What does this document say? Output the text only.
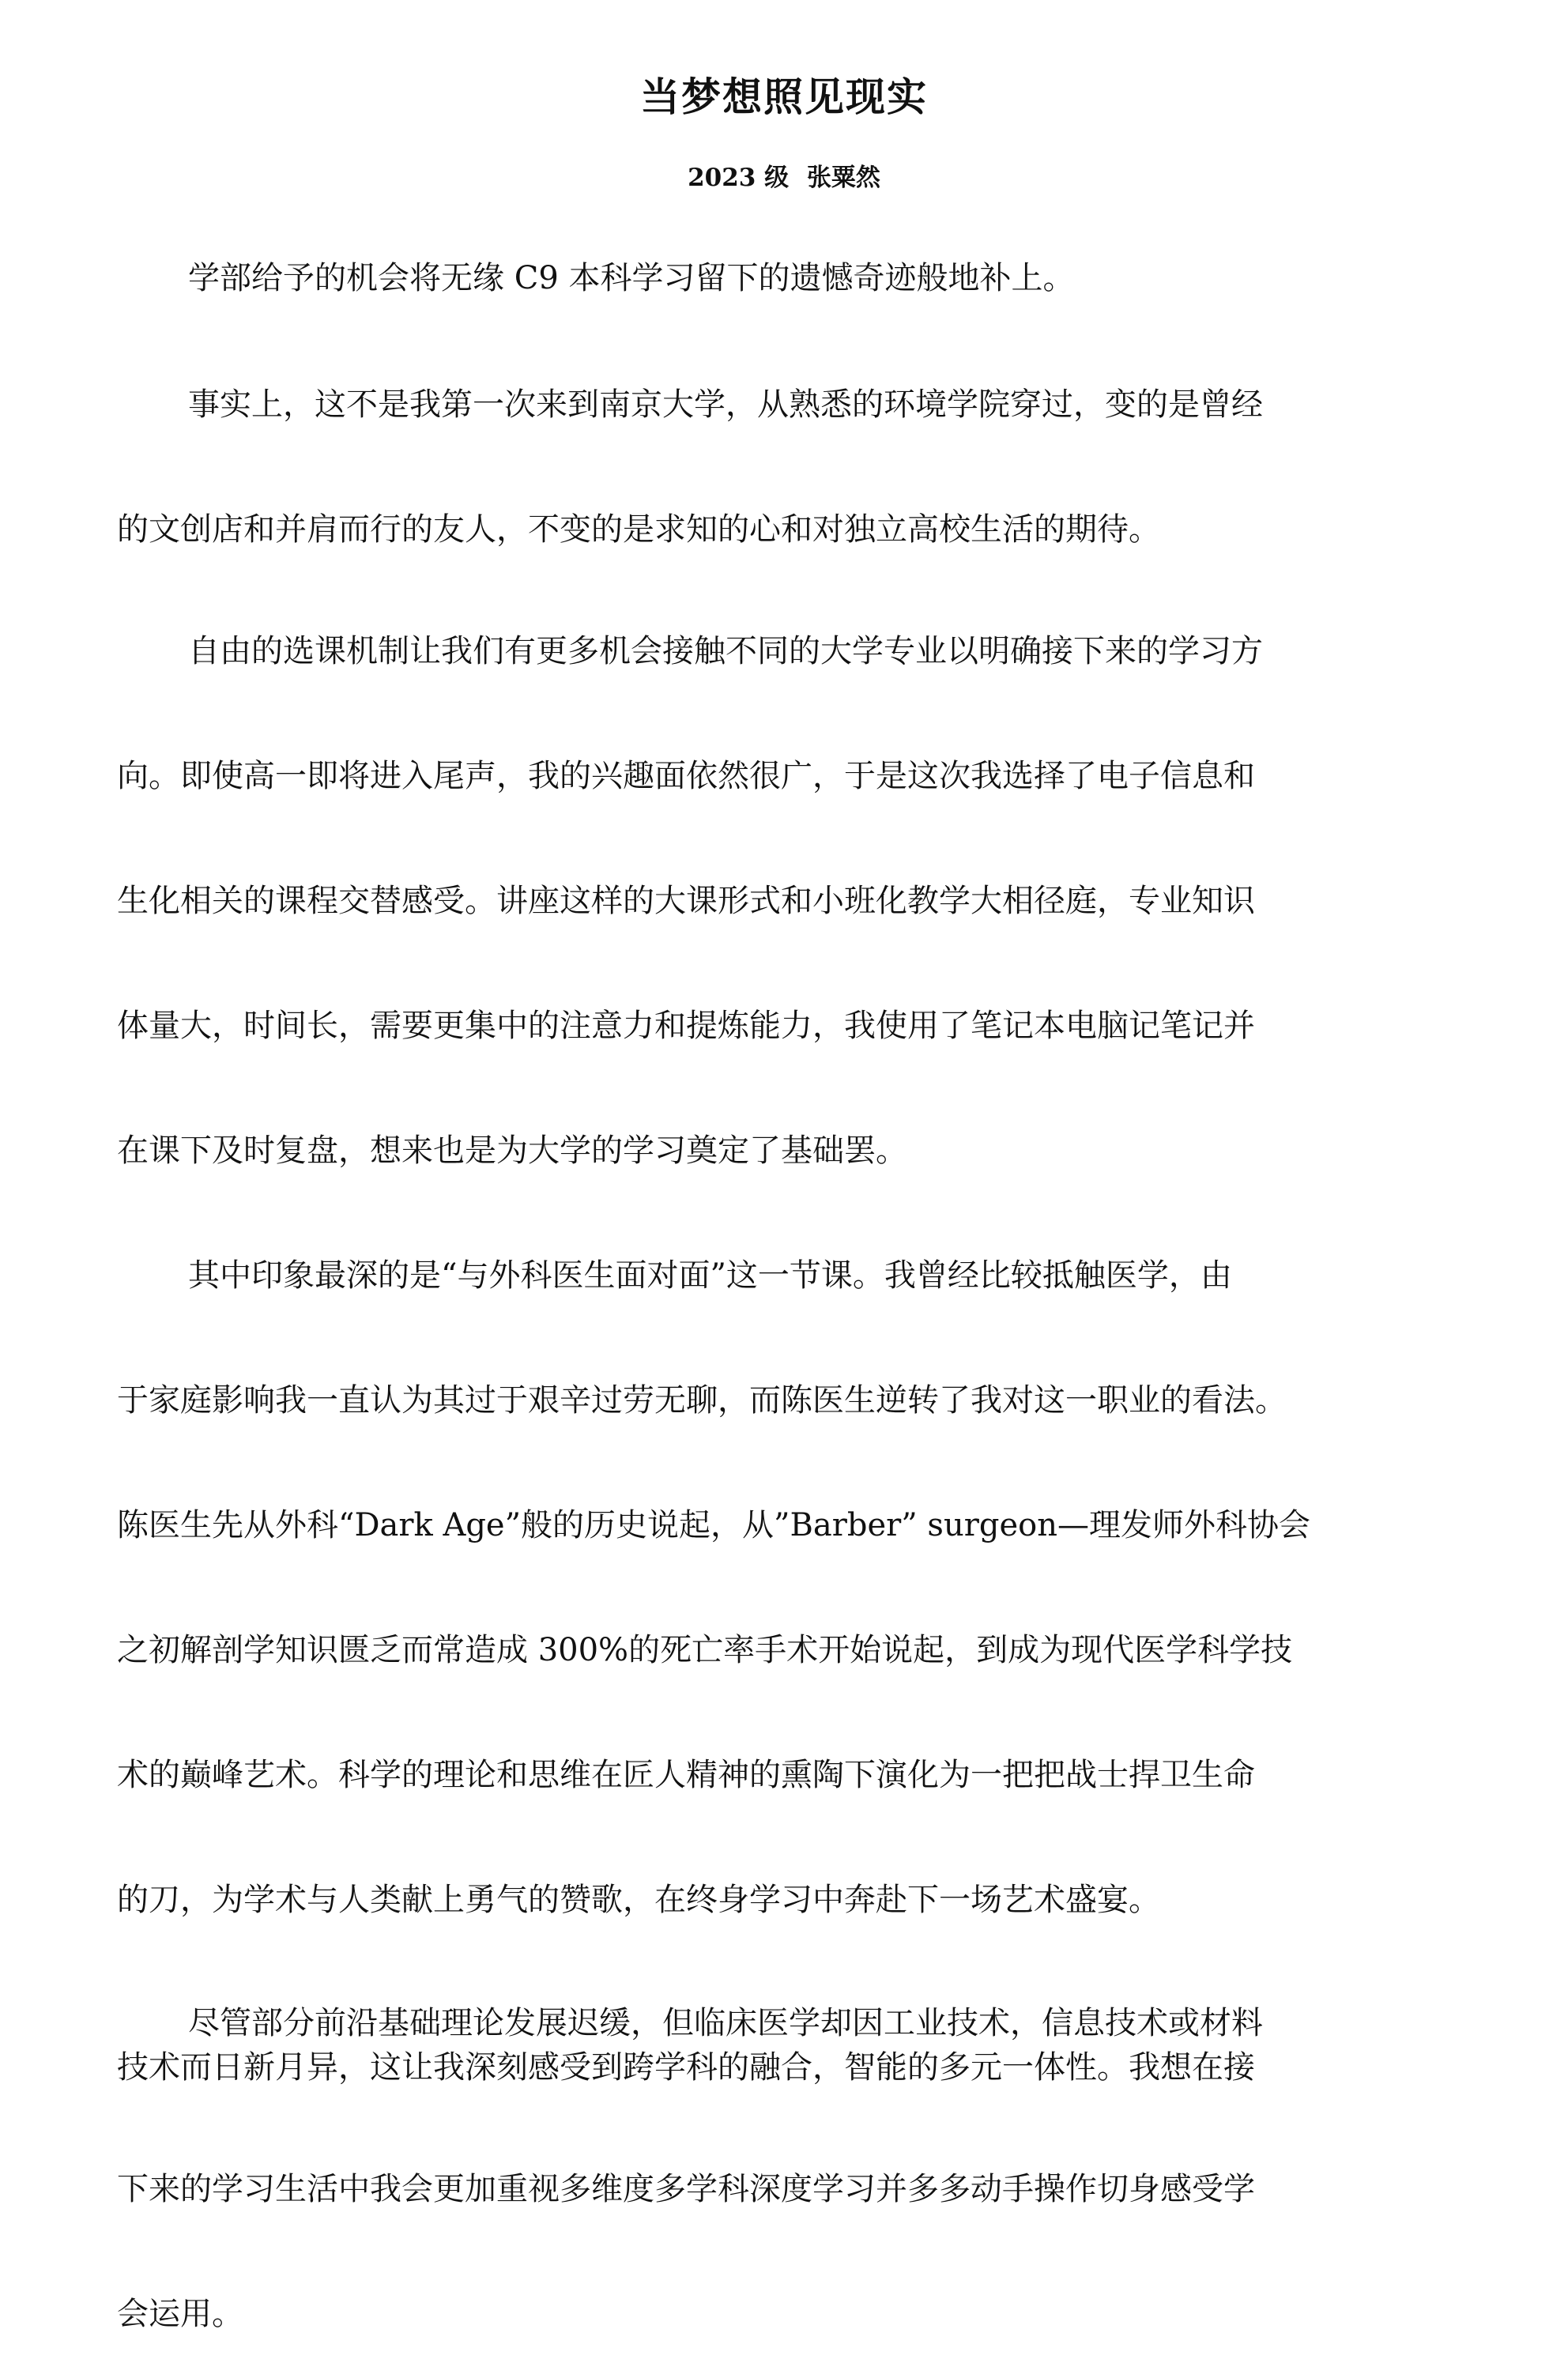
当梦想照见现实
2023 级 张粟然
学部给予的机会将无缘 C9 本科学习留下的遗憾奇迹般地补上。
事实上，这不是我第一次来到南京大学，从熟悉的环境学院穿过，变的是曾经
的文创店和并肩而行的友人，不变的是求知的心和对独立高校生活的期待。
自由的选课机制让我们有更多机会接触不同的大学专业以明确接下来的学习方
向。即使高一即将进入尾声，我的兴趣面依然很广，于是这次我选择了电子信息和
生化相关的课程交替感受。讲座这样的大课形式和小班化教学大相径庭，专业知识
体量大，时间长，需要更集中的注意力和提炼能力，我使用了笔记本电脑记笔记并
在课下及时复盘，想来也是为大学的学习奠定了基础罢。
其中印象最深的是“与外科医生面对面”这一节课。我曾经比较抵触医学，由
于家庭影响我一直认为其过于艰辛过劳无聊，而陈医生逆转了我对这一职业的看法。
陈医生先从外科“Dark Age”般的历史说起，从”Barber” surgeon—理发师外科协会
之初解剖学知识匮乏而常造成 300%的死亡率手术开始说起，到成为现代医学科学技
术的巅峰艺术。科学的理论和思维在匠人精神的熏陶下演化为一把把战士捍卫生命
的刀，为学术与人类献上勇气的赞歌，在终身学习中奔赴下一场艺术盛宴。
尽管部分前沿基础理论发展迟缓，但临床医学却因工业技术，信息技术或材料
技术而日新月异，这让我深刻感受到跨学科的融合，智能的多元一体性。我想在接
下来的学习生活中我会更加重视多维度多学科深度学习并多多动手操作切身感受学
会运用。
